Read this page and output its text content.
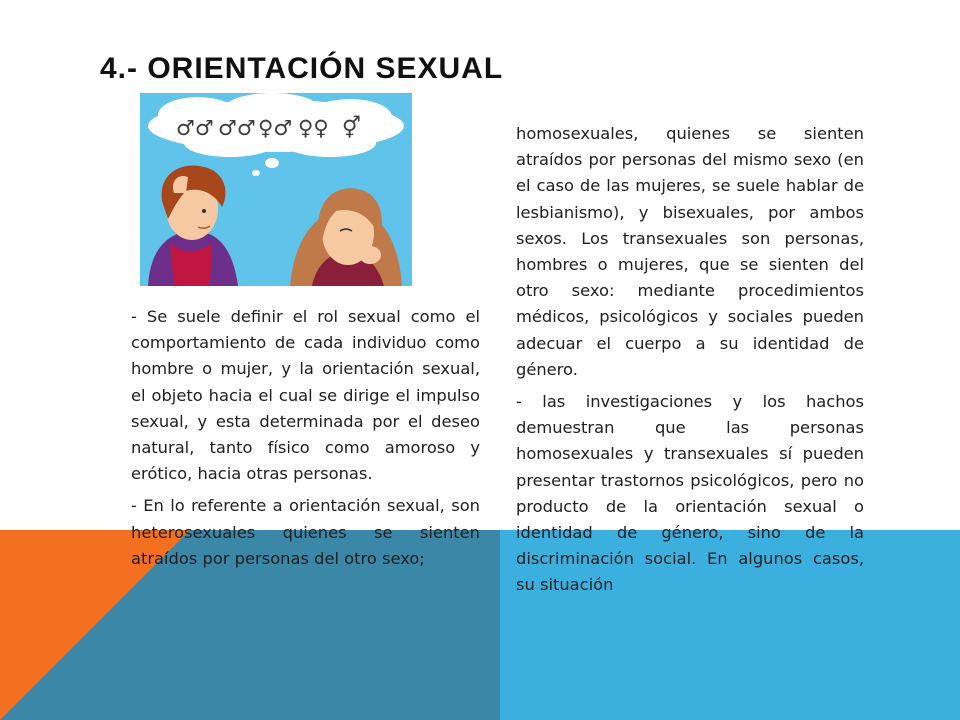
4.- ORIENTACIÓN SEXUAL
♂♂ ♂♂ ♀♂ ♀♀ ⚥

- Se suele definir el rol sexual como el comportamiento de cada individuo como hombre o mujer, y la orientación sexual, el objeto hacia el cual se dirige el impulso sexual, y esta determinada por el deseo natural, tanto físico como amoroso y erótico, hacia otras personas.

- En lo referente a orientación sexual, son heterosexuales quienes se sienten atraídos por personas del otro sexo;

homosexuales, quienes se sienten atraídos por personas del mismo sexo (en el caso de las mujeres, se suele hablar de lesbianismo), y bisexuales, por ambos sexos. Los transexuales son personas, hombres o mujeres, que se sienten del otro sexo: mediante procedimientos médicos, psicológicos y sociales pueden adecuar el cuerpo a su identidad de género.

- las investigaciones y los hachos demuestran que las personas homosexuales y transexuales sí pueden presentar trastornos psicológicos, pero no producto de la orientación sexual o identidad de género, sino de la discriminación social. En algunos casos, su situación
